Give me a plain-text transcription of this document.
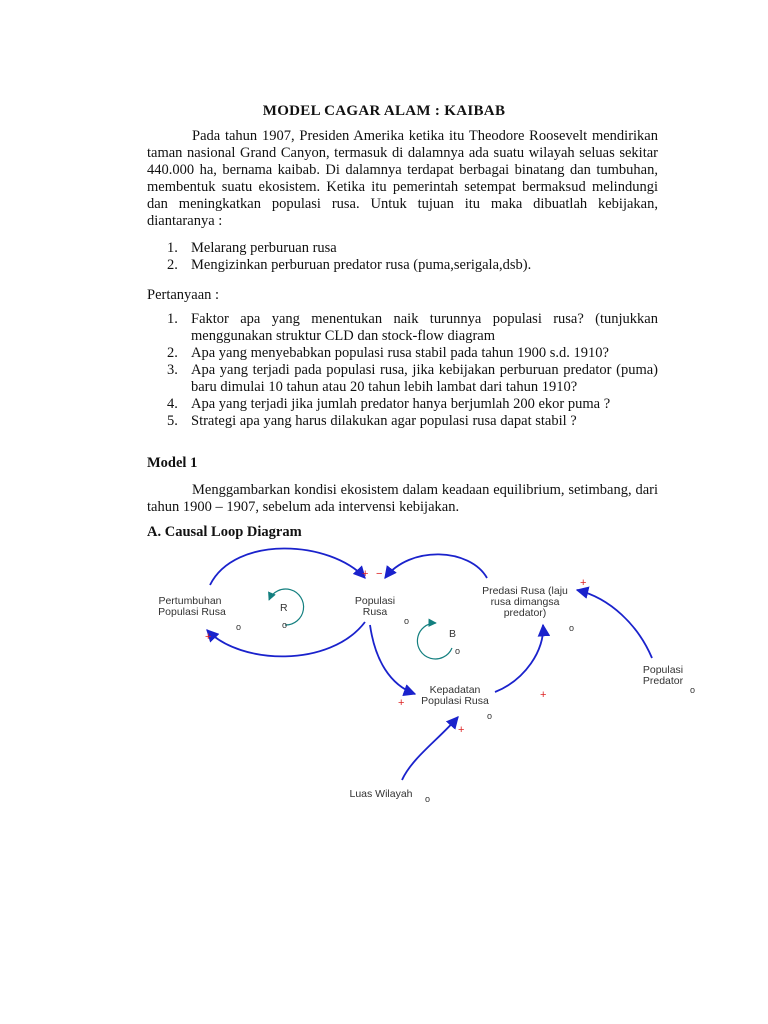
MODEL CAGAR ALAM : KAIBAB
Pada tahun 1907, Presiden Amerika ketika itu Theodore Roosevelt mendirikan taman nasional Grand Canyon, termasuk di dalamnya ada suatu wilayah seluas sekitar 440.000 ha, bernama kaibab. Di dalamnya terdapat berbagai binatang dan tumbuhan, membentuk suatu ekosistem. Ketika itu pemerintah setempat bermaksud melindungi dan meningkatkan populasi rusa. Untuk tujuan itu maka dibuatlah kebijakan, diantaranya :
1. Melarang perburuan rusa
2. Mengizinkan perburuan predator rusa (puma,serigala,dsb).
Pertanyaan :
1. Faktor apa yang menentukan naik turunnya populasi rusa? (tunjukkan menggunakan struktur CLD dan stock-flow diagram
2. Apa yang menyebabkan populasi rusa stabil pada tahun 1900 s.d. 1910?
3. Apa yang terjadi pada populasi rusa, jika kebijakan perburuan predator (puma) baru dimulai 10 tahun atau 20 tahun lebih lambat dari tahun 1910?
4. Apa yang terjadi jika jumlah predator hanya berjumlah 200 ekor puma ?
5. Strategi apa yang harus dilakukan agar populasi rusa dapat stabil ?
Model 1
Menggambarkan kondisi ekosistem dalam keadaan equilibrium, setimbang, dari tahun 1900 – 1907, sebelum ada intervensi kebijakan.
A. Causal Loop Diagram
R
B
Pertumbuhan
Populasi Rusa
Populasi
Rusa
Predasi Rusa (laju
rusa dimangsa
predator)
Kepadatan
Populasi Rusa
Populasi
Predator
Luas Wilayah
+ −
+
+
+
+
+
o	o	o
o
o
o
o
o
